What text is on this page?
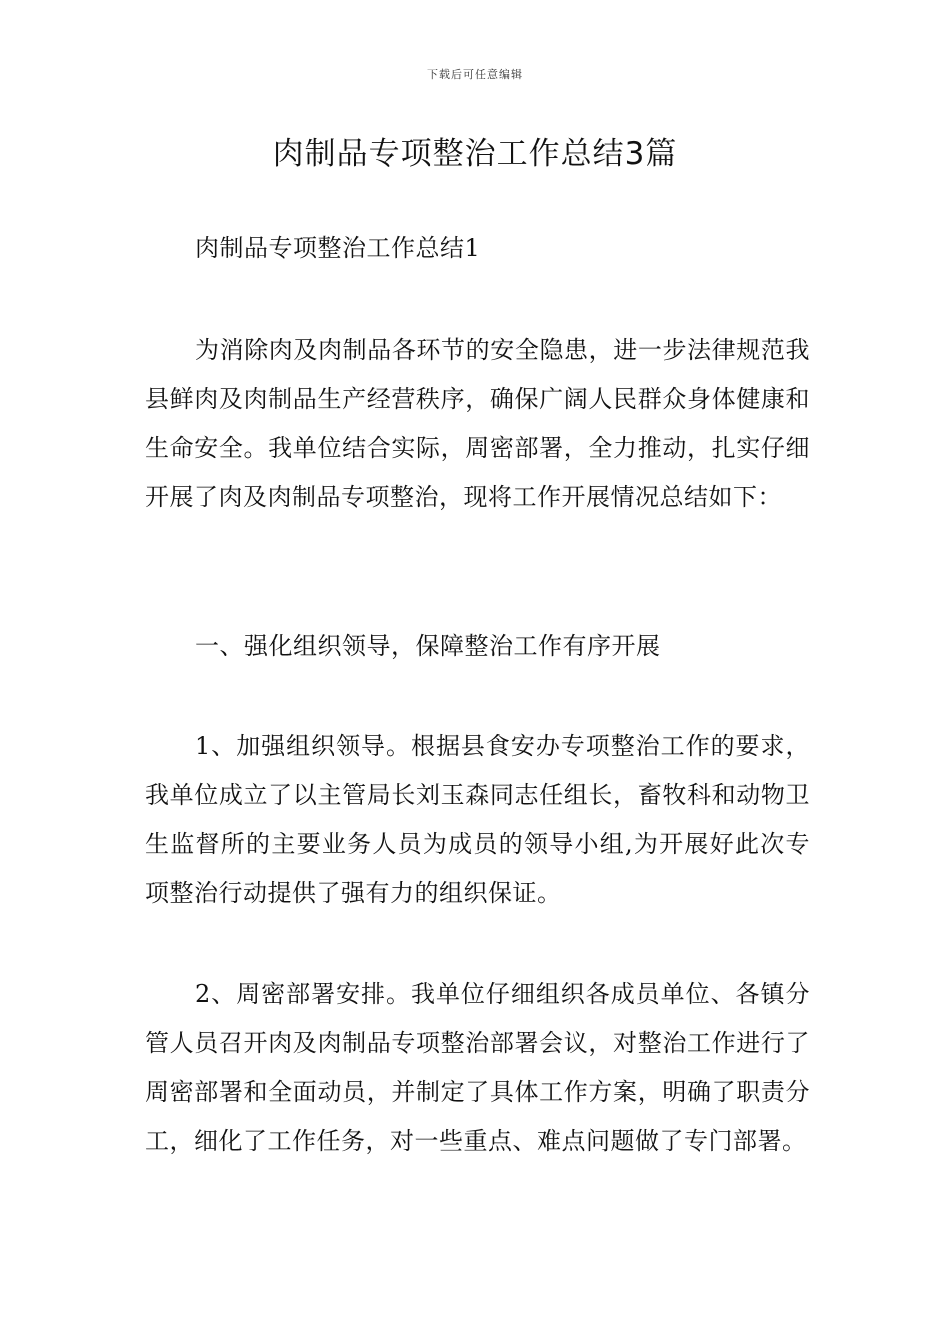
下载后可任意编辑
肉制品专项整治工作总结3篇

肉制品专项整治工作总结1

为消除肉及肉制品各环节的安全隐患，进一步法律规范我县鲜肉及肉制品生产经营秩序，确保广阔人民群众身体健康和生命安全。我单位结合实际，周密部署，全力推动，扎实仔细开展了肉及肉制品专项整治，现将工作开展情况总结如下：

一、强化组织领导，保障整治工作有序开展

1、加强组织领导。根据县食安办专项整治工作的要求，我单位成立了以主管局长刘玉森同志任组长，畜牧科和动物卫生监督所的主要业务人员为成员的领导小组,为开展好此次专项整治行动提供了强有力的组织保证。

2、周密部署安排。我单位仔细组织各成员单位、各镇分管人员召开肉及肉制品专项整治部署会议，对整治工作进行了周密部署和全面动员，并制定了具体工作方案，明确了职责分工，细化了工作任务，对一些重点、难点问题做了专门部署。
